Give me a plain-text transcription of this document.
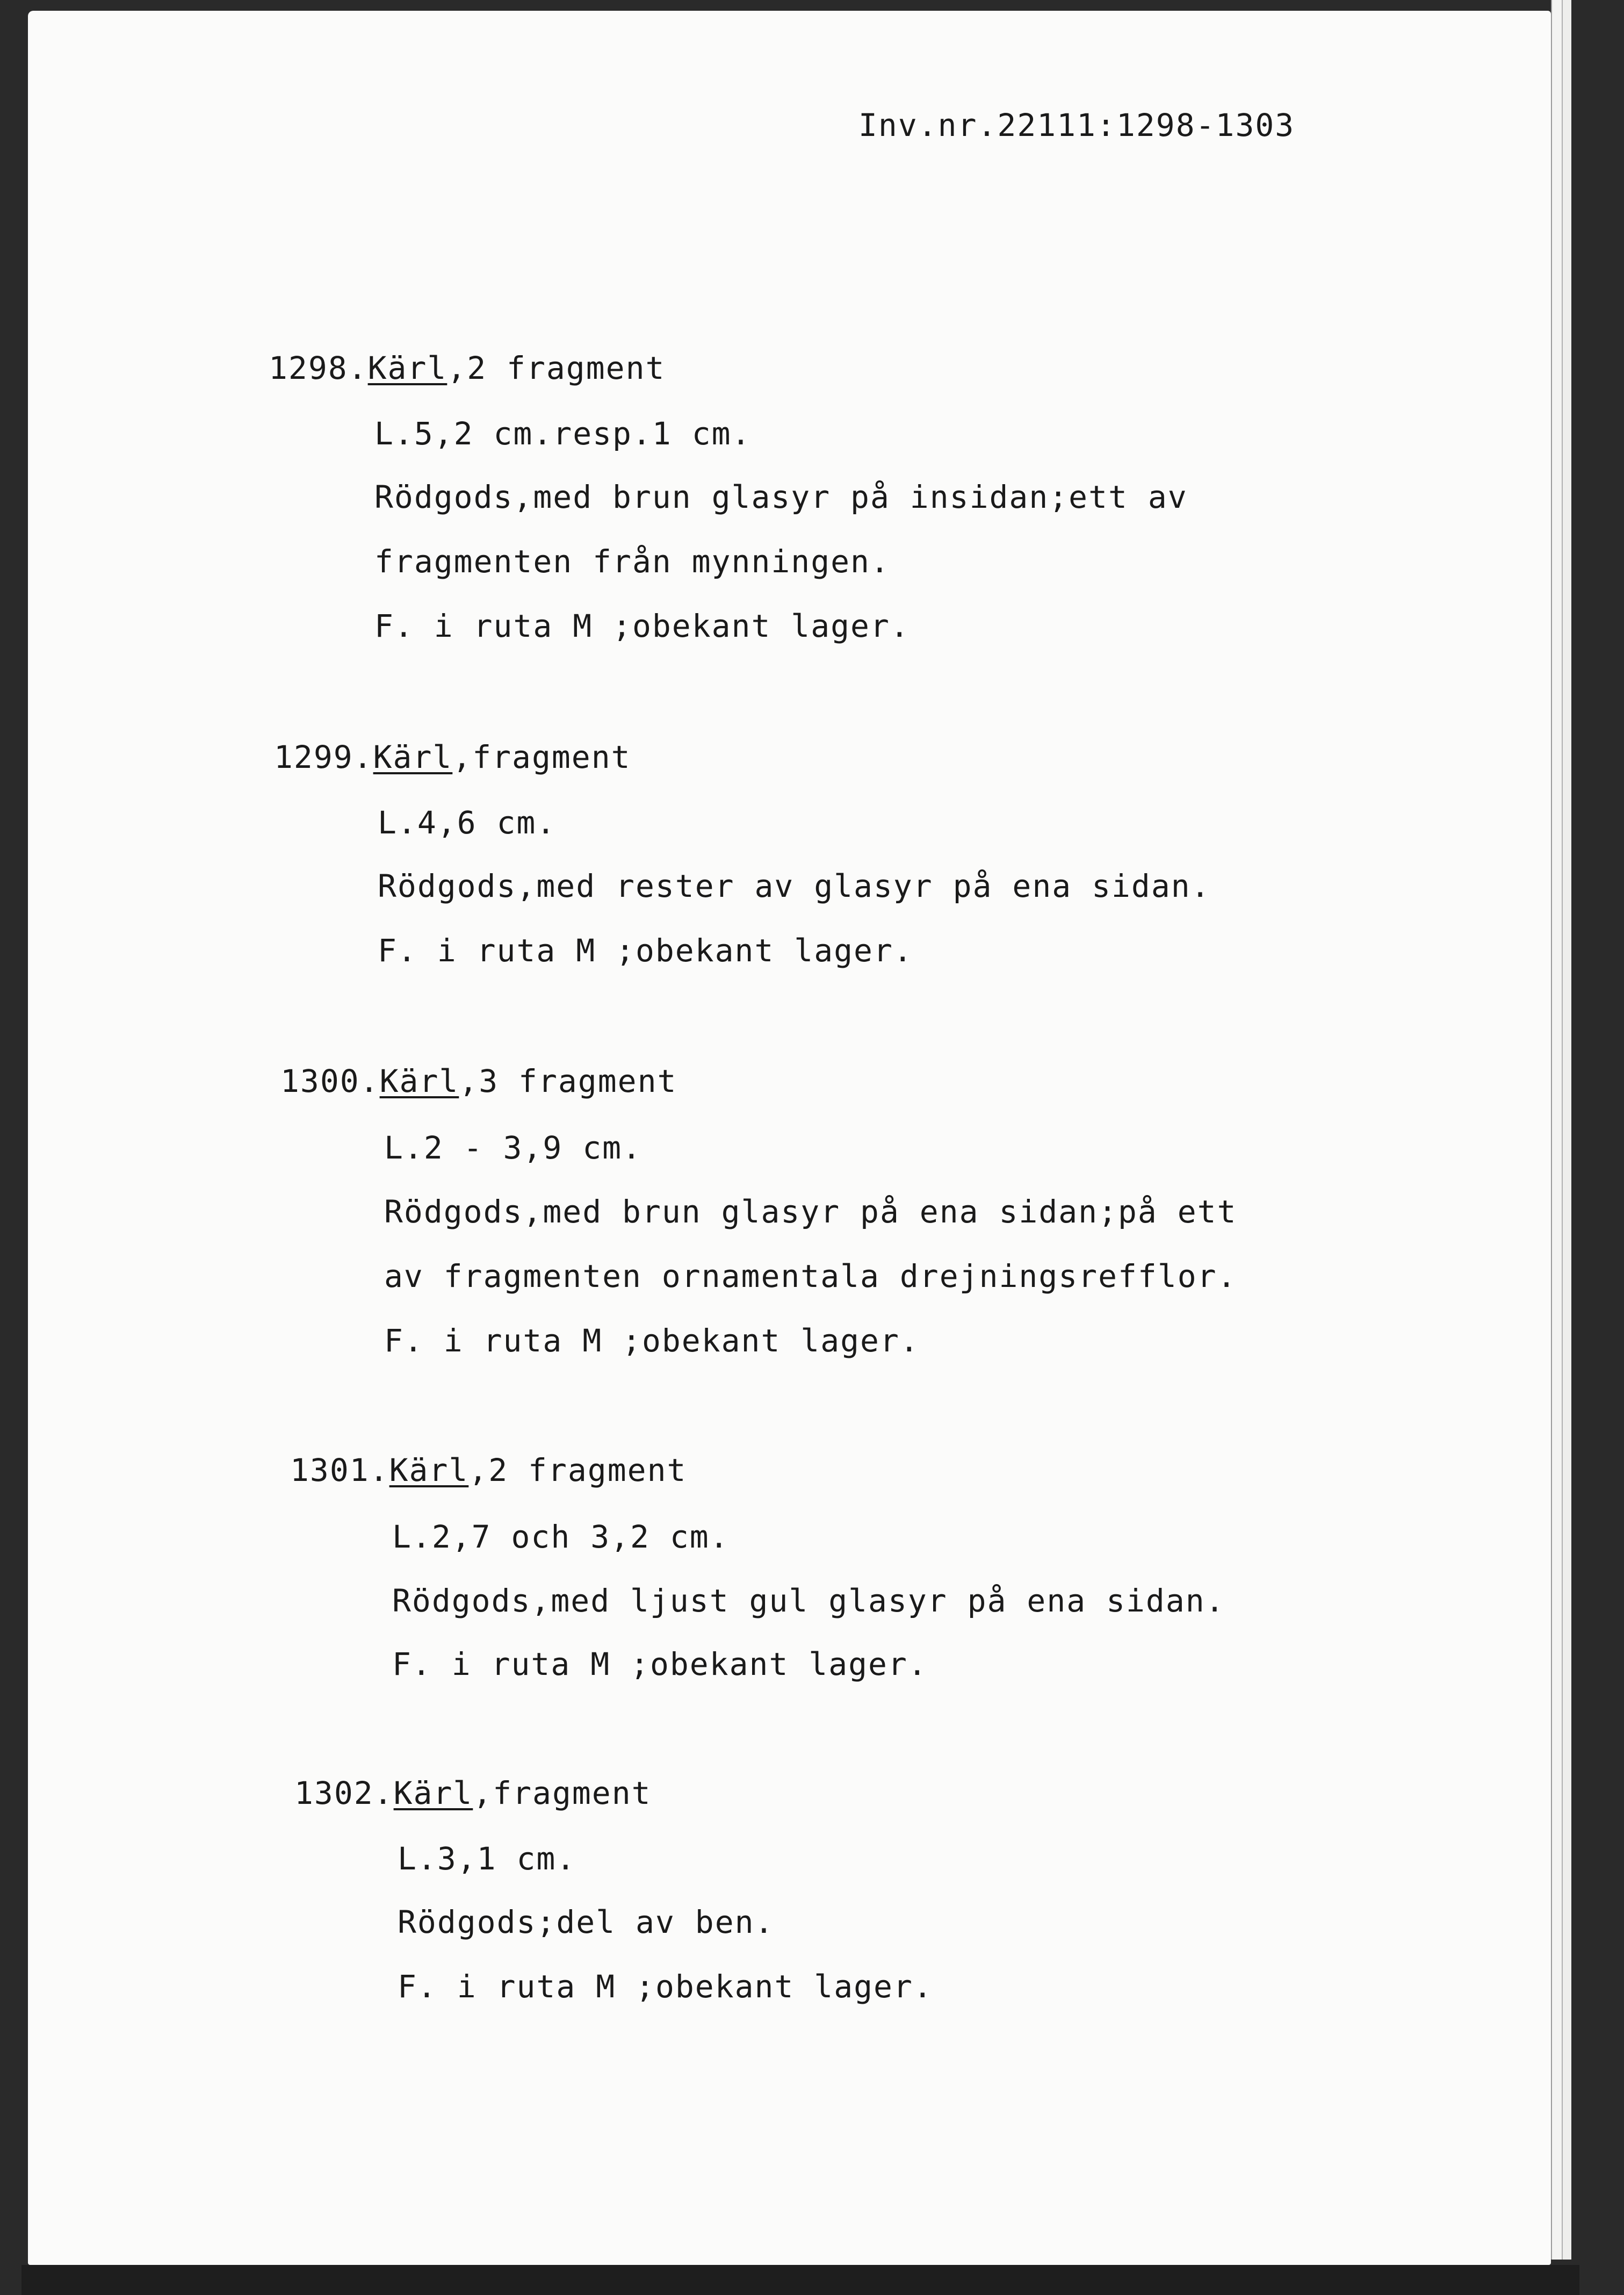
Inv.nr.22111:1298-1303
1298.Kärl,2 fragment
L.5,2 cm.resp.1 cm.
Rödgods,med brun glasyr på insidan;ett av
fragmenten från mynningen.
F. i ruta M ;obekant lager.
1299.Kärl,fragment
L.4,6 cm.
Rödgods,med rester av glasyr på ena sidan.
F. i ruta M ;obekant lager.
1300.Kärl,3 fragment
L.2 - 3,9 cm.
Rödgods,med brun glasyr på ena sidan;på ett
av fragmenten ornamentala drejningsrefflor.
F. i ruta M ;obekant lager.
1301.Kärl,2 fragment
L.2,7 och 3,2 cm.
Rödgods,med ljust gul glasyr på ena sidan.
F. i ruta M ;obekant lager.
1302.Kärl,fragment
L.3,1 cm.
Rödgods;del av ben.
F. i ruta M ;obekant lager.
